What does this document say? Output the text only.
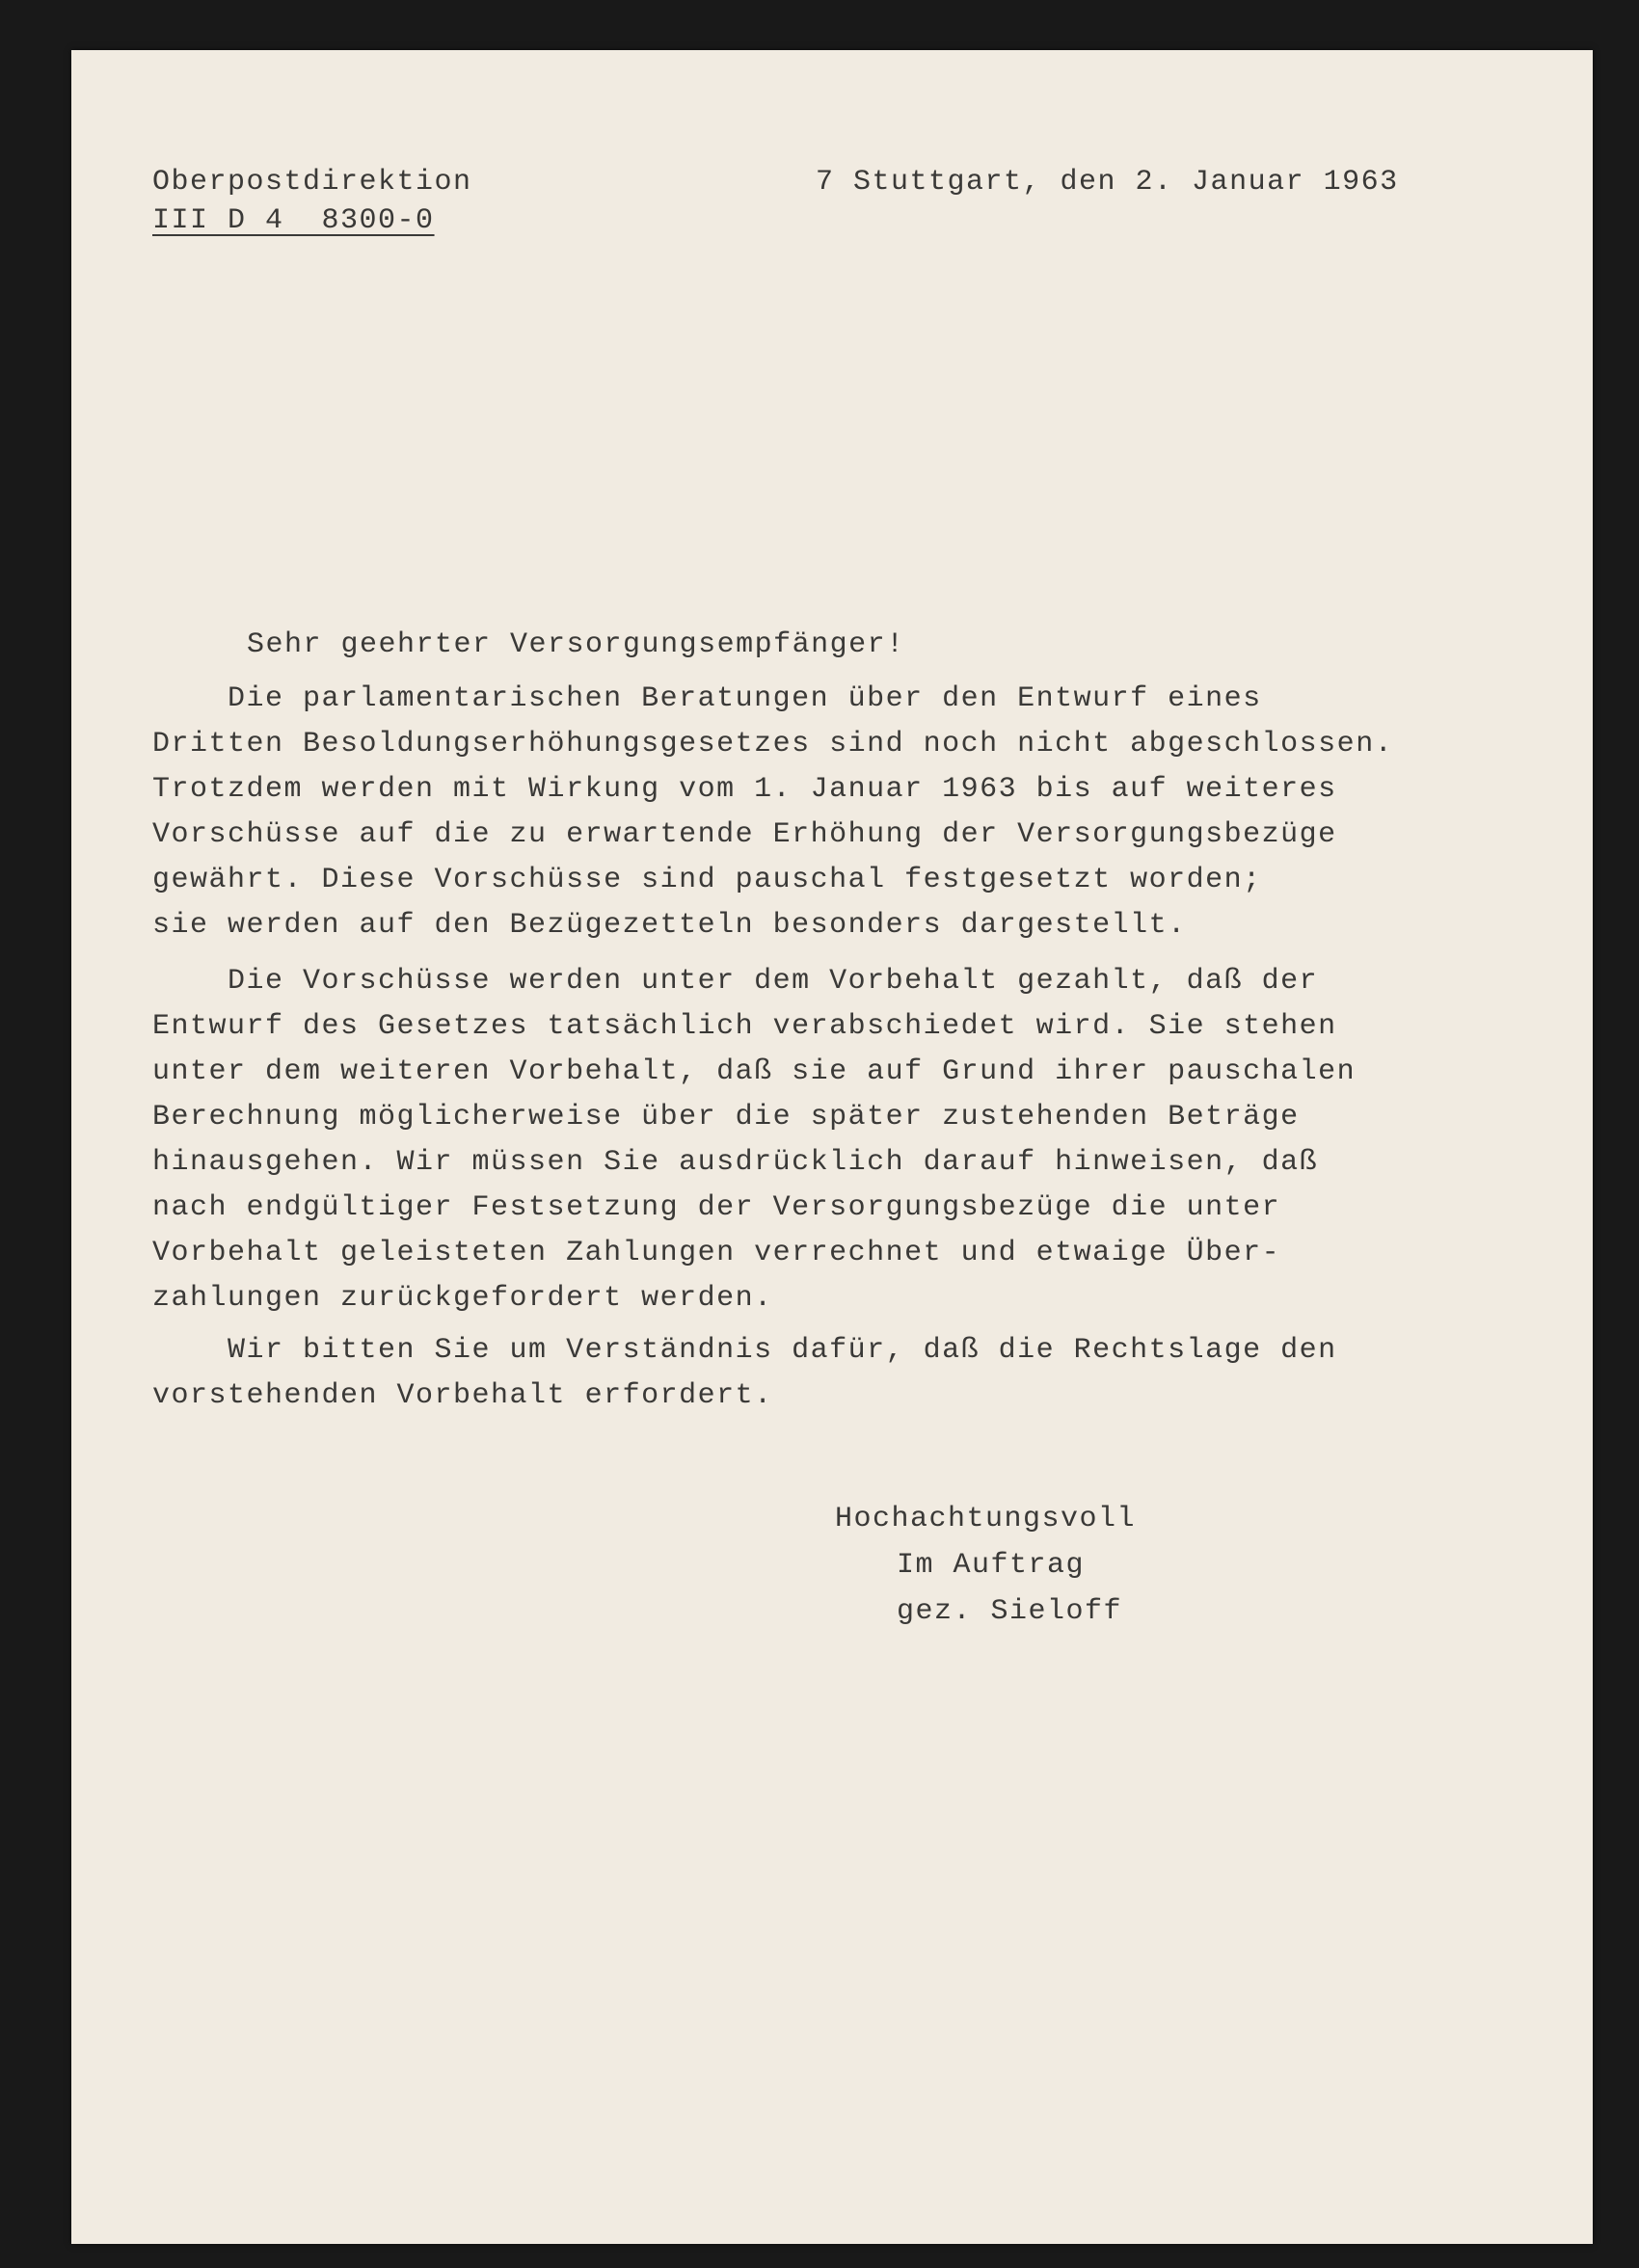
Oberpostdirektion
III D 4  8300-0
7 Stuttgart, den 2. Januar 1963
Sehr geehrter Versorgungsempfänger!
Die parlamentarischen Beratungen über den Entwurf eines
Dritten Besoldungserhöhungsgesetzes sind noch nicht abgeschlossen.
Trotzdem werden mit Wirkung vom 1. Januar 1963 bis auf weiteres
Vorschüsse auf die zu erwartende Erhöhung der Versorgungsbezüge
gewährt. Diese Vorschüsse sind pauschal festgesetzt worden;
sie werden auf den Bezügezetteln besonders dargestellt.
Die Vorschüsse werden unter dem Vorbehalt gezahlt, daß der
Entwurf des Gesetzes tatsächlich verabschiedet wird. Sie stehen
unter dem weiteren Vorbehalt, daß sie auf Grund ihrer pauschalen
Berechnung möglicherweise über die später zustehenden Beträge
hinausgehen. Wir müssen Sie ausdrücklich darauf hinweisen, daß
nach endgültiger Festsetzung der Versorgungsbezüge die unter
Vorbehalt geleisteten Zahlungen verrechnet und etwaige Über-
zahlungen zurückgefordert werden.
Wir bitten Sie um Verständnis dafür, daß die Rechtslage den
vorstehenden Vorbehalt erfordert.
Hochachtungsvoll
Im Auftrag
gez. Sieloff
